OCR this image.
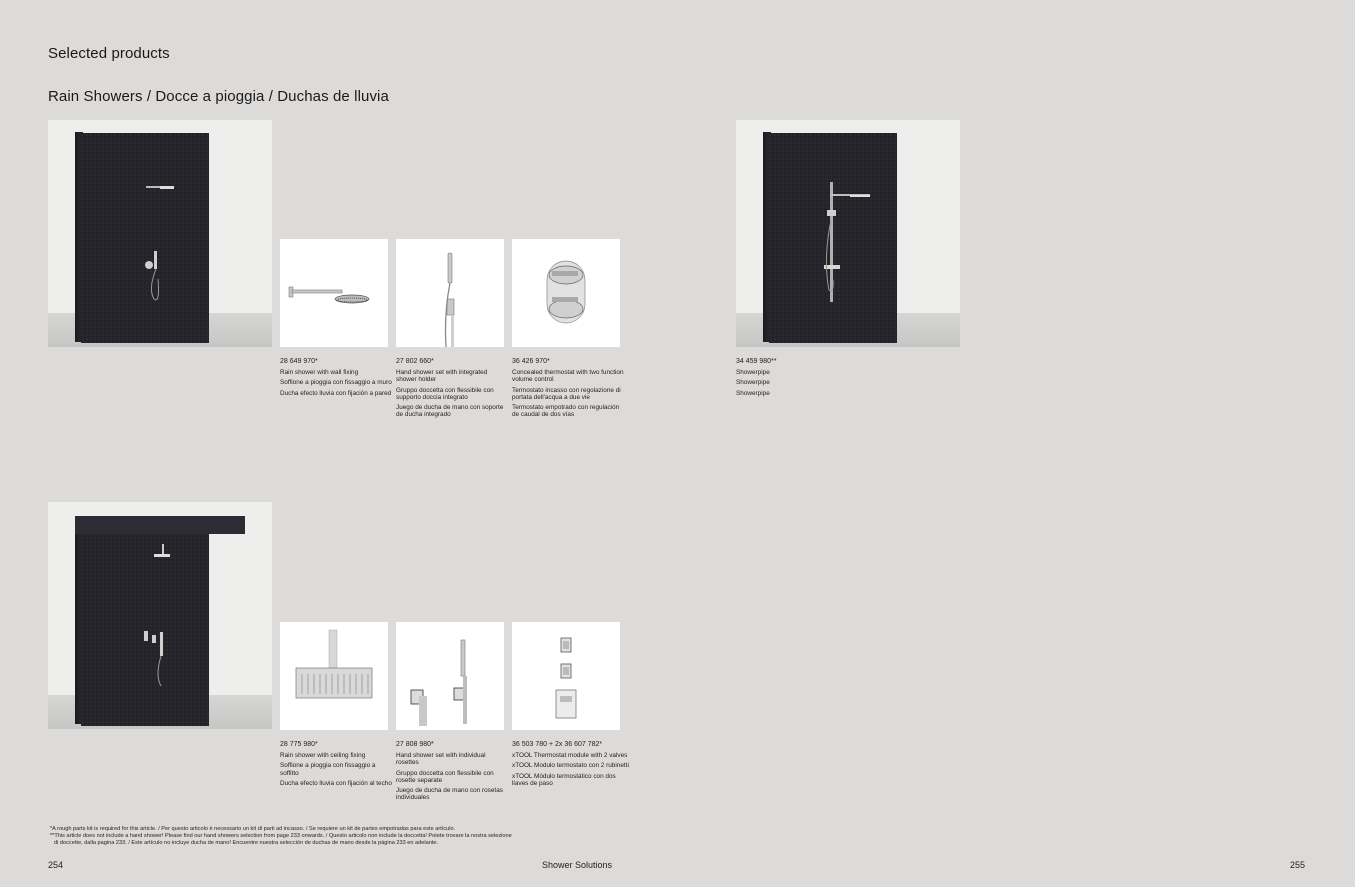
Selected products
Rain Showers / Docce a pioggia / Duchas de lluvia
28 649 970*
Rain shower with wall fixing
Soffione a pioggia con fissaggio a muro
Ducha efecto lluvia con fijación a pared
27 802 660*
Hand shower set with integrated shower holder
Gruppo doccetta con flessibile con supporto doccia integrato
Juego de ducha de mano con soporte de ducha integrado
36 426 970*
Concealed thermostat with two function volume control
Termostato incasso con regolazione di portata dell'acqua a due vie
Termostato empotrado con regulación de caudal de dos vías
34 459 980**
Showerpipe
Showerpipe
Showerpipe
28 775 980*
Rain shower with ceiling fixing
Soffione a pioggia con fissaggio a soffitto
Ducha efecto lluvia con fijación al techo
27 808 980*
Hand shower set with individual rosettes
Gruppo doccetta con flessibile con rosette separate
Juego de ducha de mano con rosetas individuales
36 503 780 + 2x 36 607 782*
xTOOL Thermostat module with 2 valves
xTOOL Modulo termostato con 2 rubinetti
xTOOL Módulo termostático con dos llaves de paso
*A rough parts kit is required for this article. / Per questo articolo è necessario un kit di parti ad incasso. / Se requiere un kit de partes empotradas para este artículo.
**This article does not include a hand shower! Please find our hand showers selection from page 233 onwards. / Questo articolo non include la doccetta! Potete trovare la nostra selezione
di doccette, dalla pagina 233. / Este artículo no incluye ducha de mano! Encuentre nuestra selección de duchas de mano desde la página 233 en adelante.
254	Shower Solutions	255
